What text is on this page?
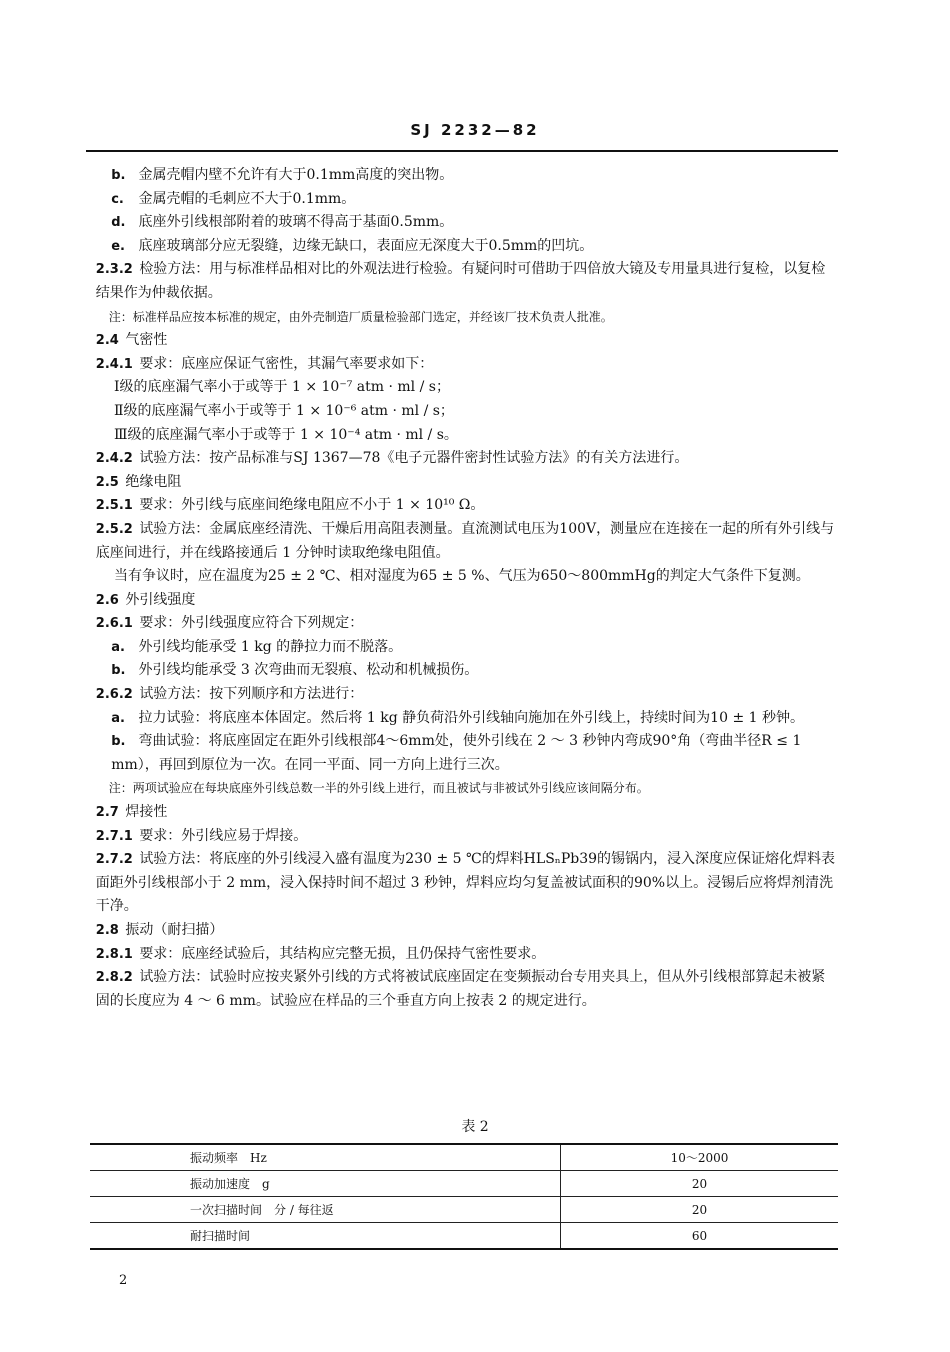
SJ 2232—82

b. 金属壳帽内壁不允许有大于0.1mm高度的突出物。

c. 金属壳帽的毛刺应不大于0.1mm。

d. 底座外引线根部附着的玻璃不得高于基面0.5mm。

e. 底座玻璃部分应无裂缝，边缘无缺口，表面应无深度大于0.5mm的凹坑。

2.3.2 检验方法：用与标准样品相对比的外观法进行检验。有疑问时可借助于四倍放大镜及专用量具进行复检，以复检结果作为仲裁依据。

注：标准样品应按本标准的规定，由外壳制造厂质量检验部门选定，并经该厂技术负责人批准。

2.4 气密性

2.4.1 要求：底座应保证气密性，其漏气率要求如下：

Ⅰ级的底座漏气率小于或等于 1 × 10⁻⁷ atm · ml / s；

Ⅱ级的底座漏气率小于或等于 1 × 10⁻⁶ atm · ml / s；

Ⅲ级的底座漏气率小于或等于 1 × 10⁻⁴ atm · ml / s。

2.4.2 试验方法：按产品标准与SJ 1367—78《电子元器件密封性试验方法》的有关方法进行。

2.5 绝缘电阻

2.5.1 要求：外引线与底座间绝缘电阻应不小于 1 × 10¹⁰ Ω。

2.5.2 试验方法：金属底座经清洗、干燥后用高阻表测量。直流测试电压为100V，测量应在连接在一起的所有外引线与底座间进行，并在线路接通后 1 分钟时读取绝缘电阻值。

当有争议时，应在温度为25 ± 2 ℃、相对湿度为65 ± 5 %、气压为650～800mmHg的判定大气条件下复测。

2.6 外引线强度

2.6.1 要求：外引线强度应符合下列规定：

a. 外引线均能承受 1 kg 的静拉力而不脱落。

b. 外引线均能承受 3 次弯曲而无裂痕、松动和机械损伤。

2.6.2 试验方法：按下列顺序和方法进行：

a. 拉力试验：将底座本体固定。然后将 1 kg 静负荷沿外引线轴向施加在外引线上，持续时间为10 ± 1 秒钟。

b. 弯曲试验：将底座固定在距外引线根部4～6mm处，使外引线在 2 ～ 3 秒钟内弯成90°角（弯曲半径R ≤ 1 mm），再回到原位为一次。在同一平面、同一方向上进行三次。

注：两项试验应在每块底座外引线总数一半的外引线上进行，而且被试与非被试外引线应该间隔分布。

2.7 焊接性

2.7.1 要求：外引线应易于焊接。

2.7.2 试验方法：将底座的外引线浸入盛有温度为230 ± 5 ℃的焊料HLSₙPb39的锡锅内，浸入深度应保证熔化焊料表面距外引线根部小于 2 mm，浸入保持时间不超过 3 秒钟，焊料应均匀复盖被试面积的90%以上。浸锡后应将焊剂清洗干净。

2.8 振动（耐扫描）

2.8.1 要求：底座经试验后，其结构应完整无损，且仍保持气密性要求。

2.8.2 试验方法：试验时应按夹紧外引线的方式将被试底座固定在变频振动台专用夹具上，但从外引线根部算起未被紧固的长度应为 4 ～ 6 mm。试验应在样品的三个垂直方向上按表 2 的规定进行。

表 2
振动频率　Hz	10～2000
振动加速度　g	20
一次扫描时间　分 / 每往返	20
耐扫描时间	60
2
